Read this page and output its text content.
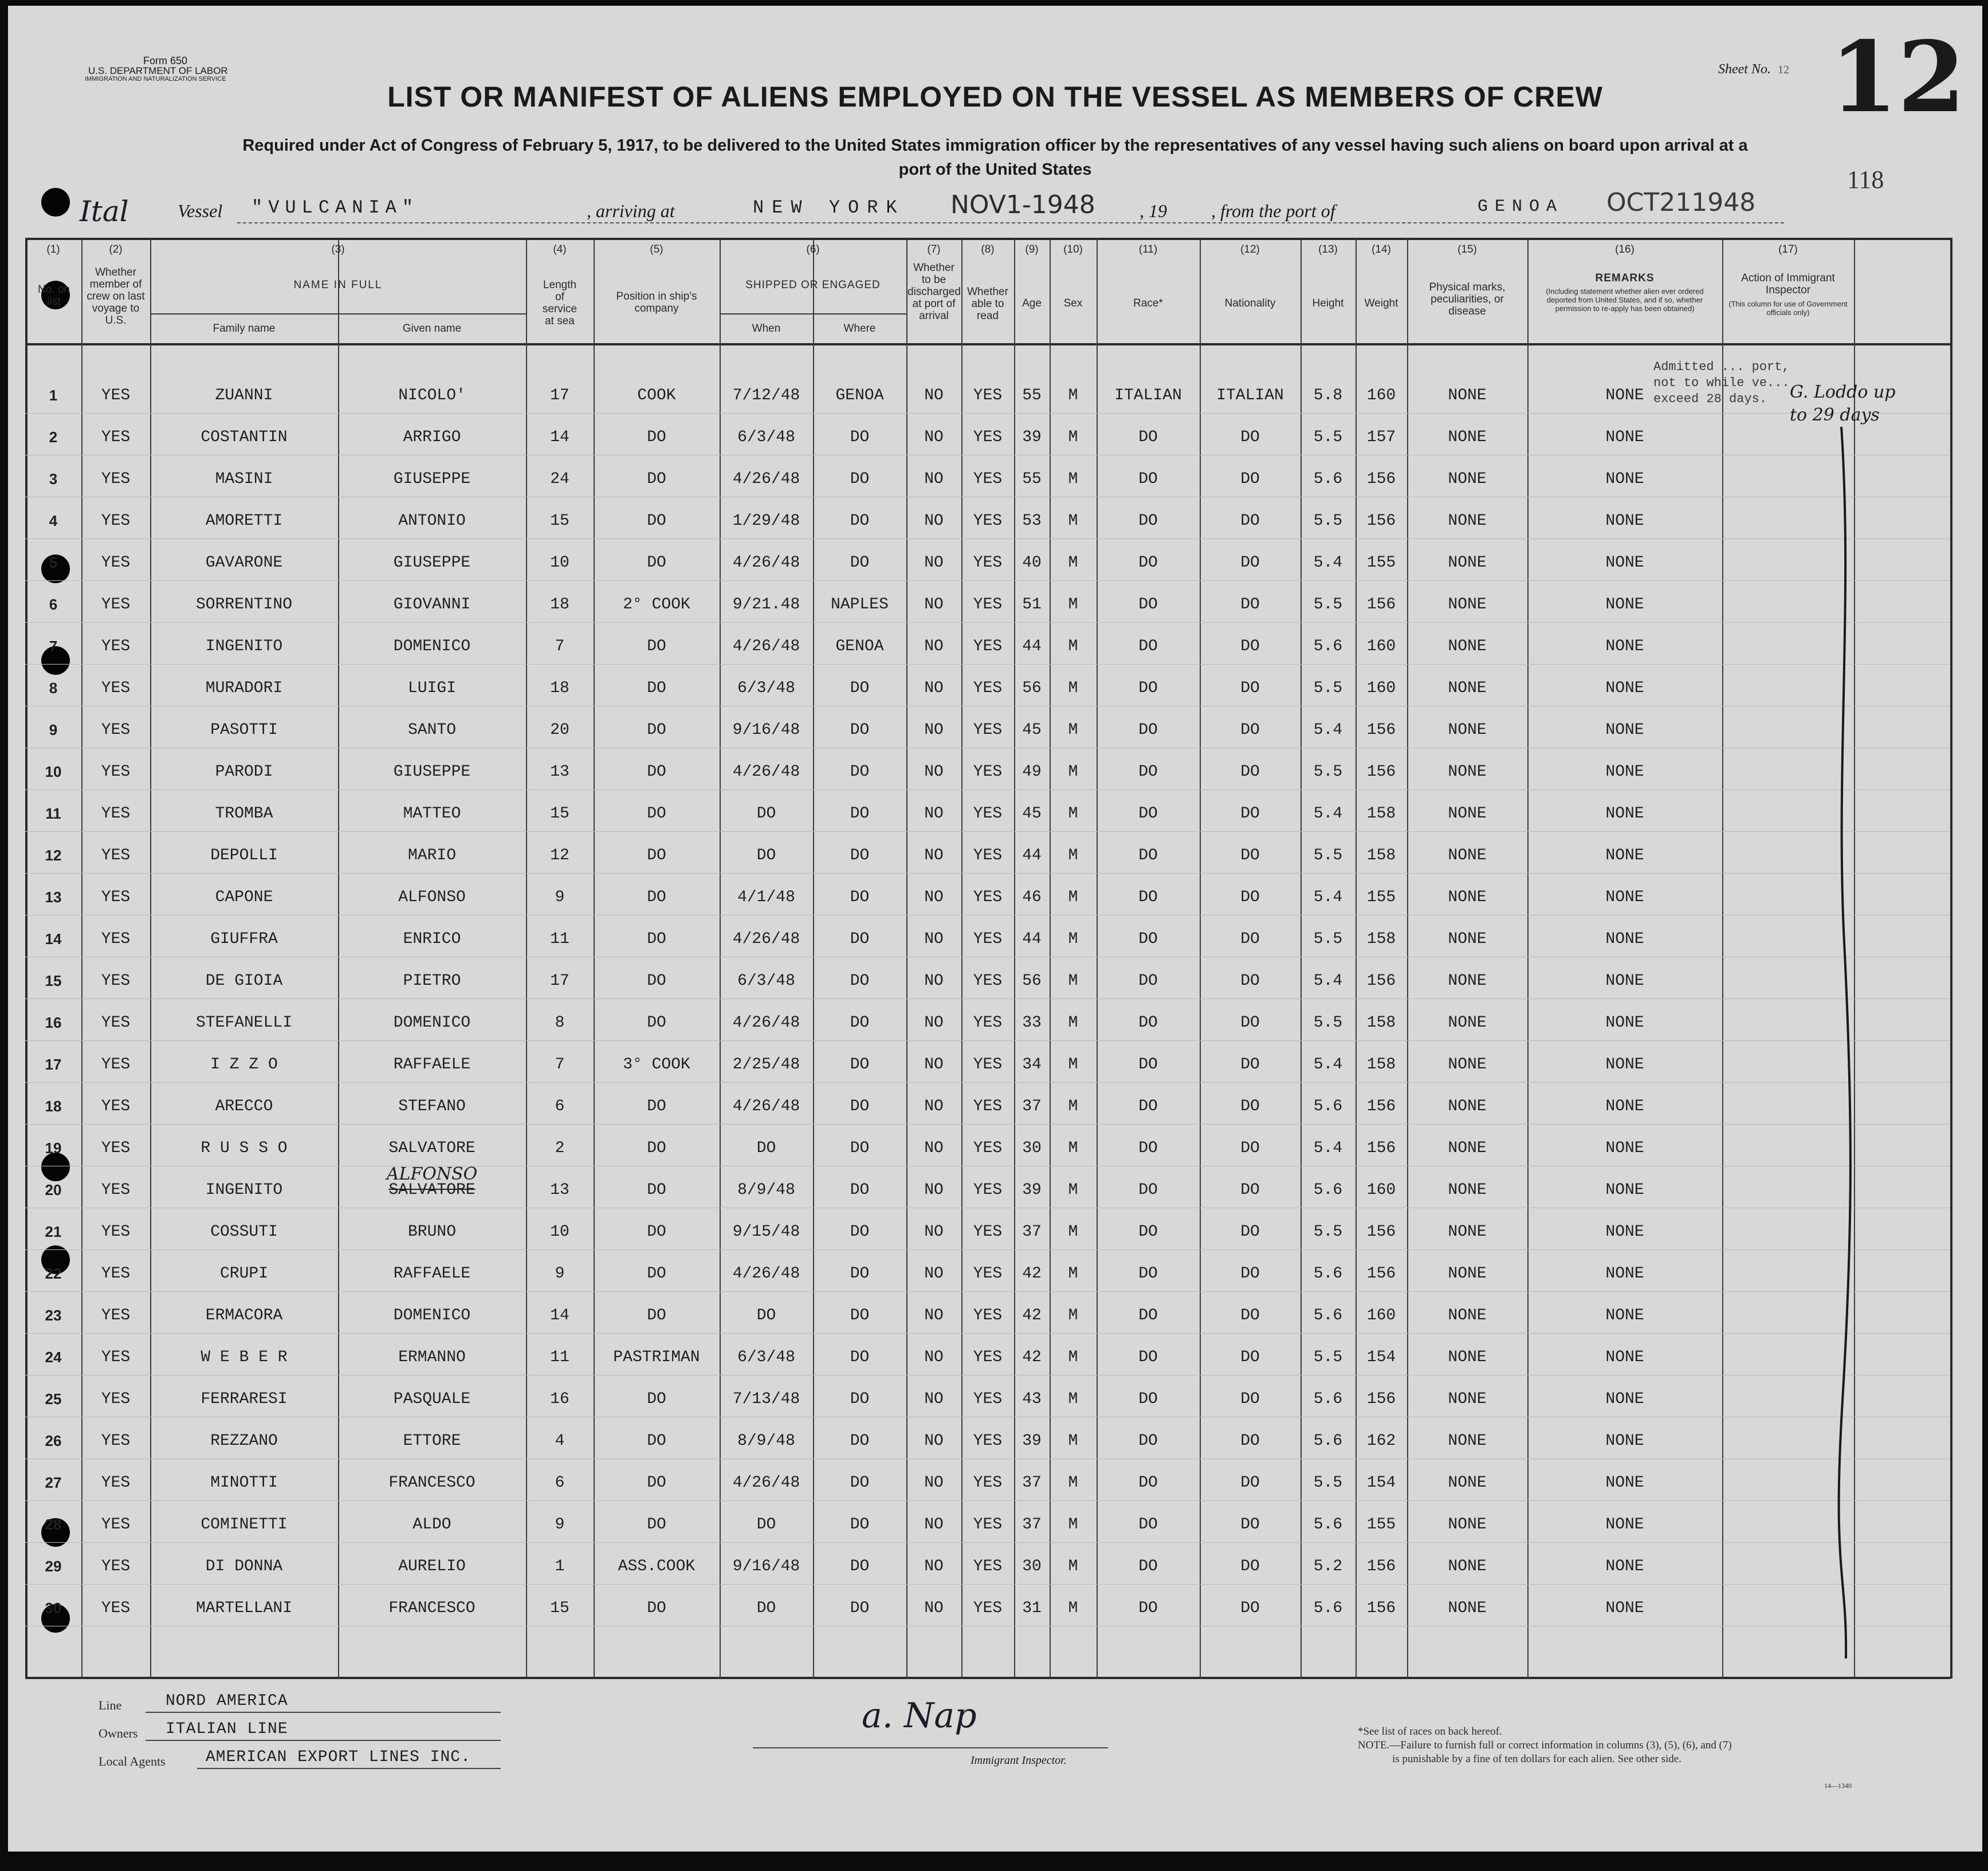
Form 650
U.S. DEPARTMENT OF LABOR
IMMIGRATION AND NATURALIZATION SERVICE
Sheet No. 12 12
LIST OR MANIFEST OF ALIENS EMPLOYED ON THE VESSEL AS MEMBERS OF CREW
Required under Act of Congress of February 5, 1917, to be delivered to the United States immigration officer by the representatives of any vessel having such aliens on board upon arrival at a
port of the United States	118
Ital	Vessel "VULCANIA"	, arriving at	NEW YORK NOV1-1948 , 19 , from the port of	GENOA OCT211948
(1)
No. on list
(2)
Whether member of crew on last voyage to U.S.
(3)
NAME IN FULL
Family name	Given name
(4)
Length of service at sea
(5)
Position in ship's company
(6)
SHIPPED OR ENGAGED
When	Where
(7)
Whether to be discharged at port of arrival
(8)
Whether able to read
(9)
Age
(10)
Sex
(11)
Race*
(12)
Nationality
(13)
Height
(14)
Weight
(15)
Physical marks, peculiarities, or disease
(16)
REMARKS
(Including statement whether alien ever ordered deported from United States, and if so, whether permission to re-apply has been obtained)
(17)
Action of Immigrant Inspector
(This column for use of Government officials only)
1	YES	ZUANNI	NICOLO'	17	COOK	7/12/48	GENOA	NO	YES	55	M	ITALIAN	ITALIAN	5.8	160	NONE	NONE
2	YES	COSTANTIN	ARRIGO	14	DO	6/3/48	DO	NO	YES	39	M	DO	DO	5.5	157	NONE	NONE
3	YES	MASINI	GIUSEPPE	24	DO	4/26/48	DO	NO	YES	55	M	DO	DO	5.6	156	NONE	NONE
4	YES	AMORETTI	ANTONIO	15	DO	1/29/48	DO	NO	YES	53	M	DO	DO	5.5	156	NONE	NONE
5	YES	GAVARONE	GIUSEPPE	10	DO	4/26/48	DO	NO	YES	40	M	DO	DO	5.4	155	NONE	NONE
6	YES	SORRENTINO	GIOVANNI	18	2° COOK	9/21.48	NAPLES	NO	YES	51	M	DO	DO	5.5	156	NONE	NONE
7	YES	INGENITO	DOMENICO	7	DO	4/26/48	GENOA	NO	YES	44	M	DO	DO	5.6	160	NONE	NONE
8	YES	MURADORI	LUIGI	18	DO	6/3/48	DO	NO	YES	56	M	DO	DO	5.5	160	NONE	NONE
9	YES	PASOTTI	SANTO	20	DO	9/16/48	DO	NO	YES	45	M	DO	DO	5.4	156	NONE	NONE
10	YES	PARODI	GIUSEPPE	13	DO	4/26/48	DO	NO	YES	49	M	DO	DO	5.5	156	NONE	NONE
11	YES	TROMBA	MATTEO	15	DO	DO	DO	NO	YES	45	M	DO	DO	5.4	158	NONE	NONE
12	YES	DEPOLLI	MARIO	12	DO	DO	DO	NO	YES	44	M	DO	DO	5.5	158	NONE	NONE
13	YES	CAPONE	ALFONSO	9	DO	4/1/48	DO	NO	YES	46	M	DO	DO	5.4	155	NONE	NONE
14	YES	GIUFFRA	ENRICO	11	DO	4/26/48	DO	NO	YES	44	M	DO	DO	5.5	158	NONE	NONE
15	YES	DE GIOIA	PIETRO	17	DO	6/3/48	DO	NO	YES	56	M	DO	DO	5.4	156	NONE	NONE
16	YES	STEFANELLI	DOMENICO	8	DO	4/26/48	DO	NO	YES	33	M	DO	DO	5.5	158	NONE	NONE
17	YES	I Z Z O	RAFFAELE	7	3° COOK	2/25/48	DO	NO	YES	34	M	DO	DO	5.4	158	NONE	NONE
18	YES	ARECCO	STEFANO	6	DO	4/26/48	DO	NO	YES	37	M	DO	DO	5.6	156	NONE	NONE
19	YES	R U S S O	SALVATORE	2	DO	DO	DO	NO	YES	30	M	DO	DO	5.4	156	NONE	NONE
20	YES	INGENITO	SALVATORE	13	DO	8/9/48	DO	NO	YES	39	M	DO	DO	5.6	160	NONE	NONE
ALFONSO
21	YES	COSSUTI	BRUNO	10	DO	9/15/48	DO	NO	YES	37	M	DO	DO	5.5	156	NONE	NONE
22	YES	CRUPI	RAFFAELE	9	DO	4/26/48	DO	NO	YES	42	M	DO	DO	5.6	156	NONE	NONE
23	YES	ERMACORA	DOMENICO	14	DO	DO	DO	NO	YES	42	M	DO	DO	5.6	160	NONE	NONE
24	YES	W E B E R	ERMANNO	11	PASTRIMAN	6/3/48	DO	NO	YES	42	M	DO	DO	5.5	154	NONE	NONE
25	YES	FERRARESI	PASQUALE	16	DO	7/13/48	DO	NO	YES	43	M	DO	DO	5.6	156	NONE	NONE
26	YES	REZZANO	ETTORE	4	DO	8/9/48	DO	NO	YES	39	M	DO	DO	5.6	162	NONE	NONE
27	YES	MINOTTI	FRANCESCO	6	DO	4/26/48	DO	NO	YES	37	M	DO	DO	5.5	154	NONE	NONE
28	YES	COMINETTI	ALDO	9	DO	DO	DO	NO	YES	37	M	DO	DO	5.6	155	NONE	NONE
29	YES	DI DONNA	AURELIO	1	ASS.COOK	9/16/48	DO	NO	YES	30	M	DO	DO	5.2	156	NONE	NONE
30	YES	MARTELLANI	FRANCESCO	15	DO	DO	DO	NO	YES	31	M	DO	DO	5.6	156	NONE	NONE
Admitted ... port, not to while ve... exceed 28 days.	G. Loddo up to 29 days
Line	NORD AMERICA
Owners ITALIAN LINE
Local Agents	AMERICAN EXPORT LINES INC.
a. Nap
Immigrant Inspector.
*See list of races on back hereof.
NOTE.—Failure to furnish full or correct information in columns (3), (5), (6), and (7)
is punishable by a fine of ten dollars for each alien. See other side.
14—1340
